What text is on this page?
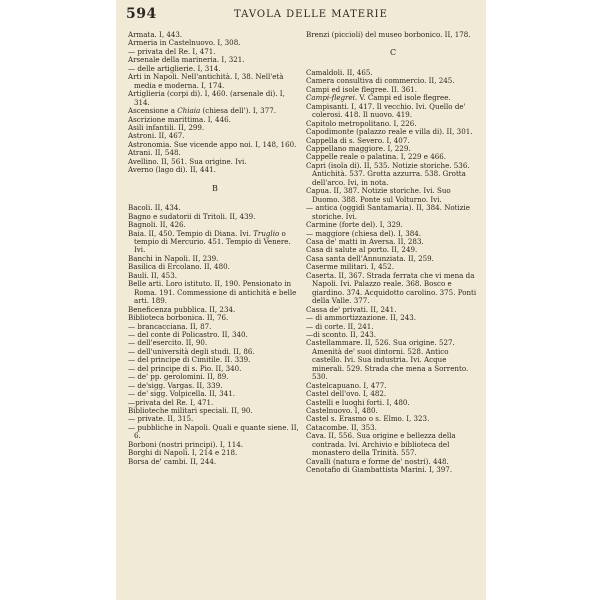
594	TAVOLA DELLE MATERIE
Armata. I, 443.
Armeria in Castelnuovo. I, 308.
— privata del Re. I, 471.
Arsenale della marineria. I, 321.
— delle artiglierie. I, 314.
Arti in Napoli. Nell'antichità. I, 38. Nell'età media e moderna. I, 174.
Artiglieria (corpi di). I, 460. (arsenale di). I, 314.
Ascensione a Chiaia (chiesa dell'). I, 377.
Ascrizione marittima. I, 446.
Asili infantili. II, 299.
Astroni. II, 467.
Astronomia. Sue vicende appo noi. I, 148, 160.
Atrani. II, 548.
Avellino. II, 561. Sua origine. Ivi.
Averno (lago di). II, 441.
B
Bacoli. II, 434.
Bagno e sudatorii di Tritoli. II, 439.
Bagnoli. II, 426.
Baia. II, 450. Tempio di Diana. Ivi. Truglio o tempio di Mercurio. 451. Tempio di Venere. Ivi.
Banchi in Napoli. II, 239.
Basilica di Ercolano. II, 480.
Bauli. II, 453.
Belle arti. Loro istituto. II, 190. Pensionato in Roma. 191. Commessione di antichità e belle arti. 189.
Beneficenza pubblica. II, 234.
Biblioteca borbonica. II, 76.
— brancacciana. II, 87.
— del conte di Policastro. II, 340.
— dell'esercito. II, 90.
— dell'università degli studi. II, 86.
— del principe di Cimitile. II. 339.
— del principe di s. Pio. II, 340.
— de' pp. gerolomini. II, 89.
— de'sigg. Vargas. II, 339.
— de' sigg. Volpicella. II, 341.
—privata del Re. I, 471.
Biblioteche militari speciali. II, 90.
— private. II, 315.
— pubbliche in Napoli. Quali e quante siene. II, 6.
Borboni (nostri principi). I, 114.
Borghi di Napoli. I, 214 e 218.
Borsa de' cambi. II, 244.
Brenzi (piccioli) del museo borbonico. II, 178.
C
Camaldoli. II, 465.
Camera consultiva di commercio. II, 245.
Campi ed isole flegree. II. 361.
Campi-flegrei. V. Campi ed isole flegree.
Campisanti. I, 417. Il vecchio. Ivi. Quello de' colerosi. 418. Il nuovo. 419.
Capitolo metropolitano. I, 226.
Capodimonte (palazzo reale e villa di). II, 301.
Cappella di s. Severo. I, 407.
Cappellano maggiore. I, 229.
Cappelle reale o palatina. I, 229 e 466.
Capri (isola di). II, 535. Notizie storiche. 536. Antichità. 537. Grotta azzurra. 538. Grotta dell'arco. Ivi, in nota.
Capua. II, 387. Notizie storiche. Ivi. Suo Duomo. 388. Ponte sul Volturno. Ivi.
— antica (oggidì Santamaria). II, 384. Notizie storiche. Ivi.
Carmine (forte del). I, 329.
— maggiore (chiesa del). I, 384.
Casa de' matti in Aversa. II, 283.
Casa di salute al porto. II, 249.
Casa santa dell'Annunziata. II, 259.
Caserme militari. I, 452.
Caserta. II, 367. Strada ferrata che vi mena da Napoli. Ivi. Palazzo reale. 368. Bosco e giardino. 374. Acquidotto carolino. 375. Ponti della Valle. 377.
Cassa de' privati. II, 241.
— di ammortizzazione. II, 243.
— di corte. II, 241.
—di sconto. II, 243.
Castellammare. II, 526. Sua origine. 527. Amenità de' suoi dintorni. 528. Antico castello. Ivi. Sua industria. Ivi. Acque minerali. 529. Strada che mena a Sorrento. 530.
Castelcapuano. I, 477.
Castel dell'ovo. I, 482.
Castelli e luoghi forti. I, 480.
Castelnuovo. I, 480.
Castel s. Erasmo o s. Elmo. I, 323.
Catacombe. II, 353.
Cava. II, 556. Sua origine e bellezza della contrada. Ivi. Archivio e biblioteca del monastero della Trinità. 557.
Cavalli (natura e forme de' nostri). 448.
Cenotafio di Giambattista Marini. I, 397.
